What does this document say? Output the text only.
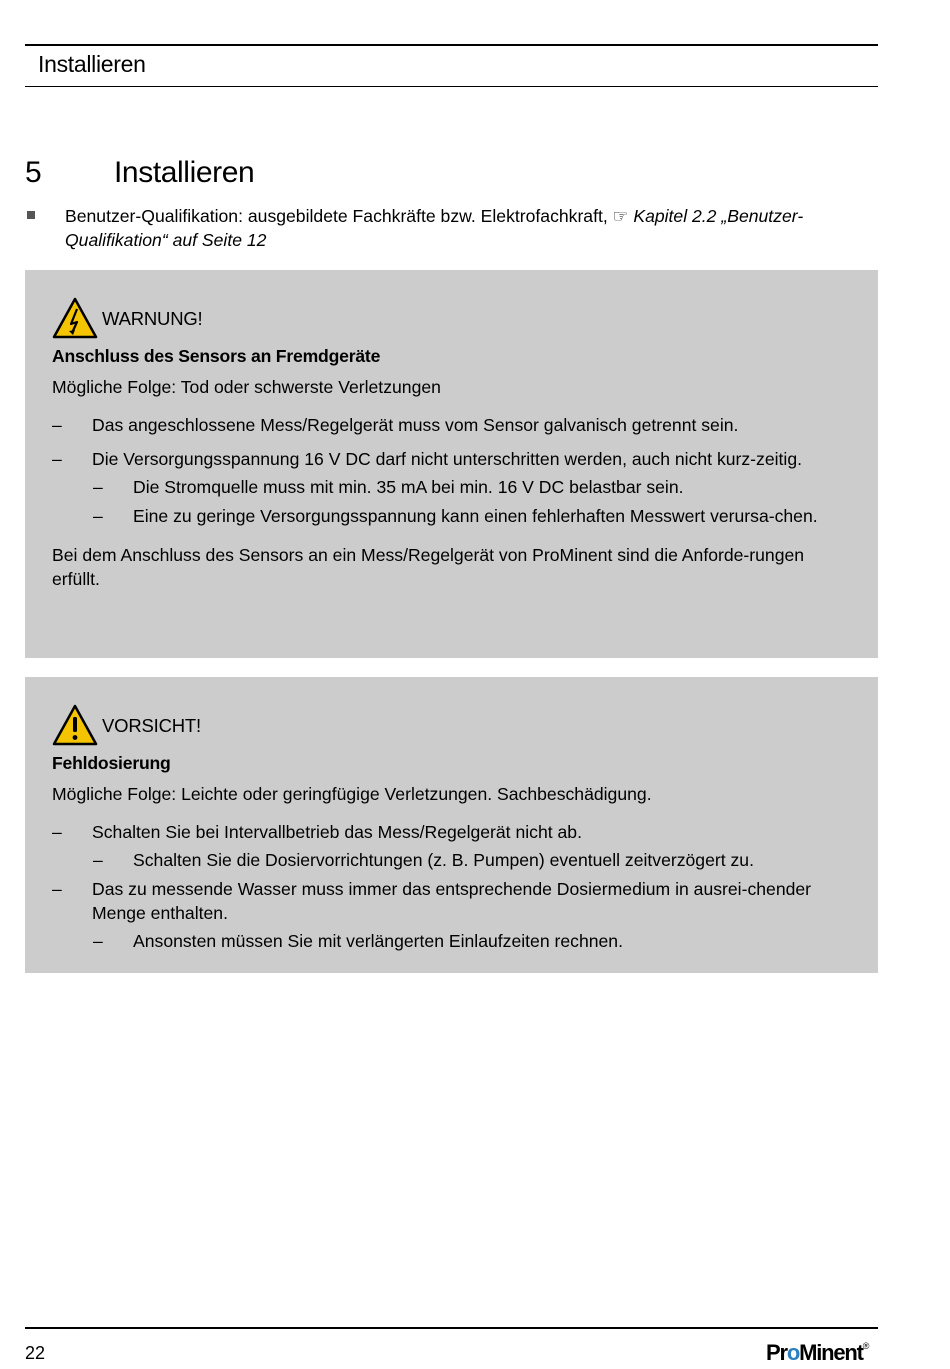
Installieren
5 Installieren
Benutzer-Qualifikation: ausgebildete Fachkräfte bzw. Elektrofachkraft, ☞ Kapitel 2.2 „Benutzer-Qualifikation“ auf Seite 12
WARNUNG!
Anschluss des Sensors an Fremdgeräte
Mögliche Folge: Tod oder schwerste Verletzungen
– Das angeschlossene Mess/Regelgerät muss vom Sensor galvanisch getrennt sein.
– Die Versorgungsspannung 16 V DC darf nicht unterschritten werden, auch nicht kurz-zeitig.
– Die Stromquelle muss mit min. 35 mA bei min. 16 V DC belastbar sein.
– Eine zu geringe Versorgungsspannung kann einen fehlerhaften Messwert verursa-chen.
Bei dem Anschluss des Sensors an ein Mess/Regelgerät von ProMinent sind die Anforde-rungen erfüllt.
VORSICHT!
Fehldosierung
Mögliche Folge: Leichte oder geringfügige Verletzungen. Sachbeschädigung.
– Schalten Sie bei Intervallbetrieb das Mess/Regelgerät nicht ab.
– Schalten Sie die Dosiervorrichtungen (z. B. Pumpen) eventuell zeitverzögert zu.
– Das zu messende Wasser muss immer das entsprechende Dosiermedium in ausrei-chender Menge enthalten.
– Ansonsten müssen Sie mit verlängerten Einlaufzeiten rechnen.
22	ProMinent®
